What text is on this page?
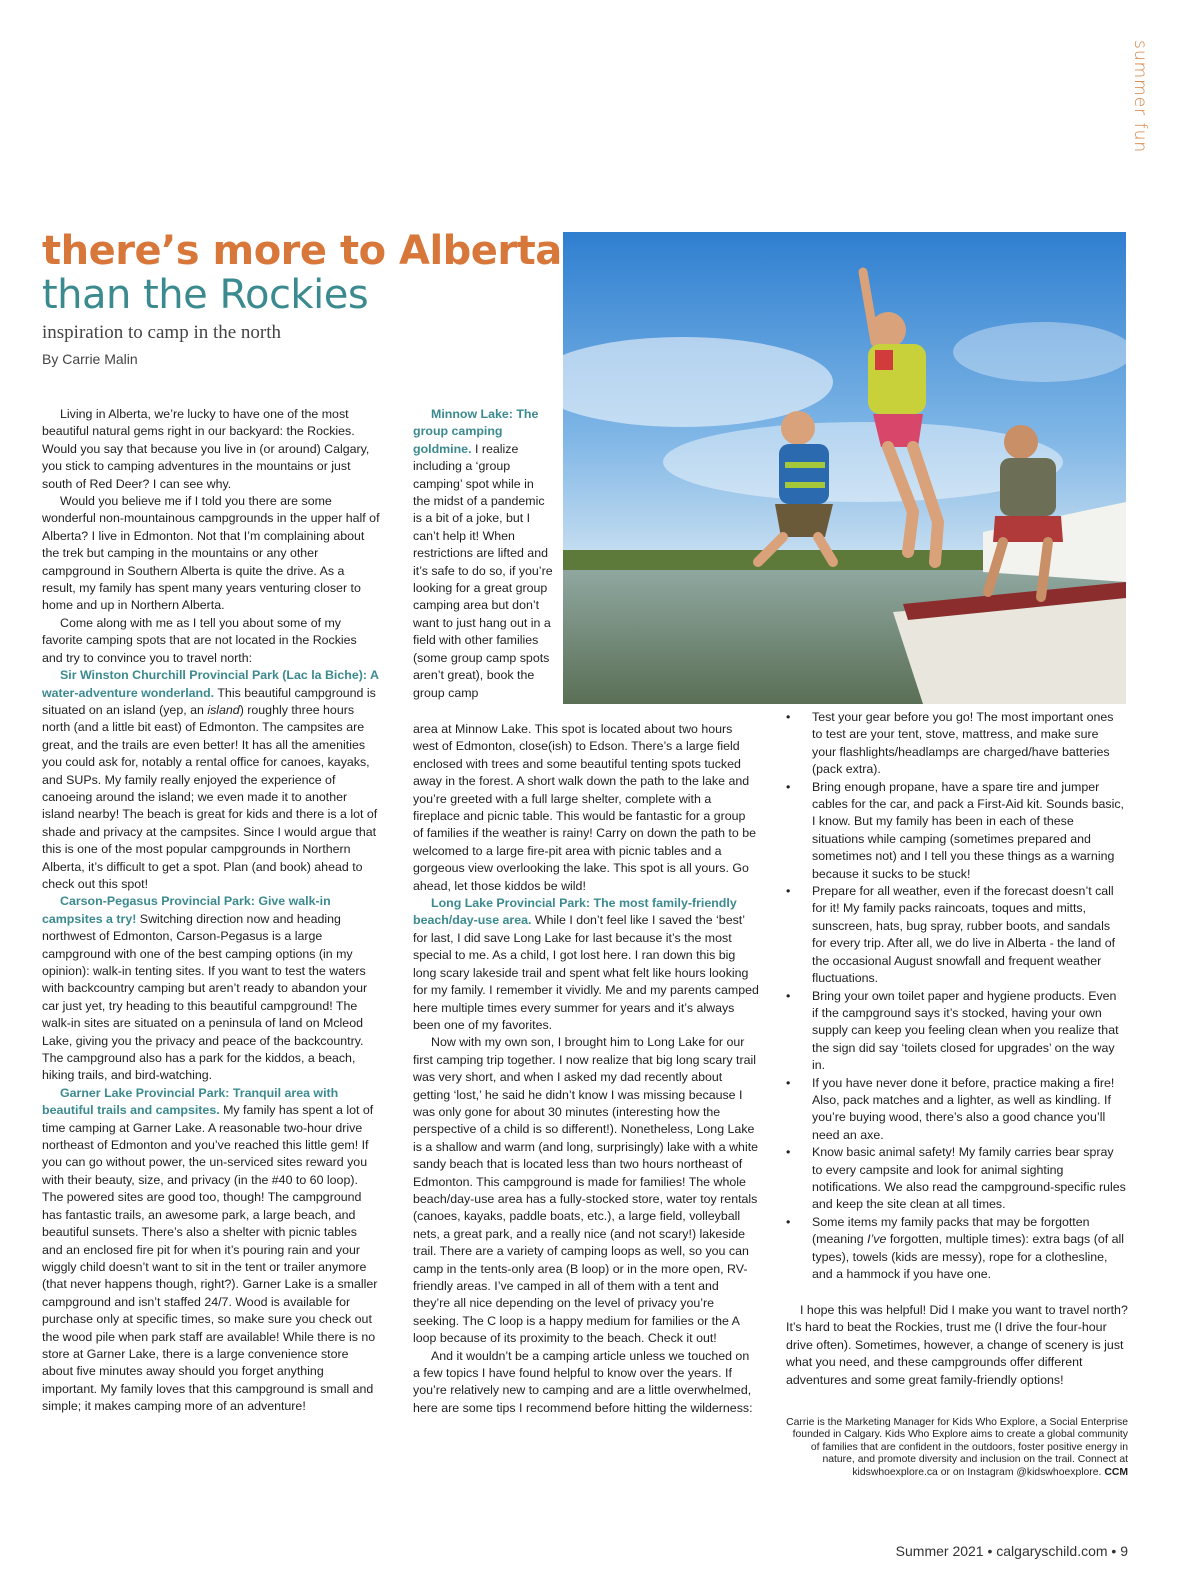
summer fun
there’s more to Alberta
than the Rockies
inspiration to camp in the north
By Carrie Malin

Living in Alberta, we’re lucky to have one of the most beautiful natural gems right in our backyard: the Rockies. Would you say that because you live in (or around) Calgary, you stick to camping adventures in the mountains or just south of Red Deer? I can see why.

Would you believe me if I told you there are some wonderful non-mountainous campgrounds in the upper half of Alberta? I live in Edmonton. Not that I’m complaining about the trek but camping in the mountains or any other campground in Southern Alberta is quite the drive. As a result, my family has spent many years venturing closer to home and up in Northern Alberta.

Come along with me as I tell you about some of my favorite camping spots that are not located in the Rockies and try to convince you to travel north:

Sir Winston Churchill Provincial Park (Lac la Biche): A water-adventure wonderland. This beautiful campground is situated on an island (yep, an island) roughly three hours north (and a little bit east) of Edmonton. The campsites are great, and the trails are even better! It has all the amenities you could ask for, notably a rental office for canoes, kayaks, and SUPs. My family really enjoyed the experience of canoeing around the island; we even made it to another island nearby! The beach is great for kids and there is a lot of shade and privacy at the campsites. Since I would argue that this is one of the most popular campgrounds in Northern Alberta, it’s difficult to get a spot. Plan (and book) ahead to check out this spot!

Carson-Pegasus Provincial Park: Give walk-in campsites a try! Switching direction now and heading northwest of Edmonton, Carson-Pegasus is a large campground with one of the best camping options (in my opinion): walk-in tenting sites. If you want to test the waters with backcountry camping but aren’t ready to abandon your car just yet, try heading to this beautiful campground! The walk-in sites are situated on a peninsula of land on Mcleod Lake, giving you the privacy and peace of the backcountry. The campground also has a park for the kiddos, a beach, hiking trails, and bird-watching.

Garner Lake Provincial Park: Tranquil area with beautiful trails and campsites. My family has spent a lot of time camping at Garner Lake. A reasonable two-hour drive northeast of Edmonton and you’ve reached this little gem! If you can go without power, the un-serviced sites reward you with their beauty, size, and privacy (in the #40 to 60 loop). The powered sites are good too, though! The campground has fantastic trails, an awesome park, a large beach, and beautiful sunsets. There’s also a shelter with picnic tables and an enclosed fire pit for when it’s pouring rain and your wiggly child doesn’t want to sit in the tent or trailer anymore (that never happens though, right?). Garner Lake is a smaller campground and isn’t staffed 24/7. Wood is available for purchase only at specific times, so make sure you check out the wood pile when park staff are available! While there is no store at Garner Lake, there is a large convenience store about five minutes away should you forget anything important. My family loves that this campground is small and simple; it makes camping more of an adventure!

Minnow Lake: The group camping goldmine. I realize including a ‘group camping’ spot while in the midst of a pandemic is a bit of a joke, but I can’t help it! When restrictions are lifted and it’s safe to do so, if you’re looking for a great group camping area but don’t want to just hang out in a field with other families (some group camp spots aren’t great), book the group camp

area at Minnow Lake. This spot is located about two hours west of Edmonton, close(ish) to Edson. There’s a large field enclosed with trees and some beautiful tenting spots tucked away in the forest. A short walk down the path to the lake and you’re greeted with a full large shelter, complete with a fireplace and picnic table. This would be fantastic for a group of families if the weather is rainy! Carry on down the path to be welcomed to a large fire-pit area with picnic tables and a gorgeous view overlooking the lake. This spot is all yours. Go ahead, let those kiddos be wild!

Long Lake Provincial Park: The most family-friendly beach/day-use area. While I don’t feel like I saved the ‘best’ for last, I did save Long Lake for last because it’s the most special to me. As a child, I got lost here. I ran down this big long scary lakeside trail and spent what felt like hours looking for my family. I remember it vividly. Me and my parents camped here multiple times every summer for years and it’s always been one of my favorites.

Now with my own son, I brought him to Long Lake for our first camping trip together. I now realize that big long scary trail was very short, and when I asked my dad recently about getting ‘lost,’ he said he didn’t know I was missing because I was only gone for about 30 minutes (interesting how the perspective of a child is so different!). Nonetheless, Long Lake is a shallow and warm (and long, surprisingly) lake with a white sandy beach that is located less than two hours northeast of Edmonton. This campground is made for families! The whole beach/day-use area has a fully-stocked store, water toy rentals (canoes, kayaks, paddle boats, etc.), a large field, volleyball nets, a great park, and a really nice (and not scary!) lakeside trail. There are a variety of camping loops as well, so you can camp in the tents-only area (B loop) or in the more open, RV-friendly areas. I’ve camped in all of them with a tent and they’re all nice depending on the level of privacy you’re seeking. The C loop is a happy medium for families or the A loop because of its proximity to the beach. Check it out!

And it wouldn’t be a camping article unless we touched on a few topics I have found helpful to know over the years. If you’re relatively new to camping and are a little overwhelmed, here are some tips I recommend before hitting the wilderness:

• Test your gear before you go! The most important ones to test are your tent, stove, mattress, and make sure your flashlights/headlamps are charged/have batteries (pack extra).
• Bring enough propane, have a spare tire and jumper cables for the car, and pack a First-Aid kit. Sounds basic, I know. But my family has been in each of these situations while camping (sometimes prepared and sometimes not) and I tell you these things as a warning because it sucks to be stuck!
• Prepare for all weather, even if the forecast doesn’t call for it! My family packs raincoats, toques and mitts, sunscreen, hats, bug spray, rubber boots, and sandals for every trip. After all, we do live in Alberta - the land of the occasional August snowfall and frequent weather fluctuations.
• Bring your own toilet paper and hygiene products. Even if the campground says it’s stocked, having your own supply can keep you feeling clean when you realize that the sign did say ‘toilets closed for upgrades’ on the way in.
• If you have never done it before, practice making a fire! Also, pack matches and a lighter, as well as kindling. If you’re buying wood, there’s also a good chance you’ll need an axe.
• Know basic animal safety! My family carries bear spray to every campsite and look for animal sighting notifications. We also read the campground-specific rules and keep the site clean at all times.
• Some items my family packs that may be forgotten (meaning I’ve forgotten, multiple times): extra bags (of all types), towels (kids are messy), rope for a clothesline, and a hammock if you have one.

I hope this was helpful! Did I make you want to travel north? It’s hard to beat the Rockies, trust me (I drive the four-hour drive often). Sometimes, however, a change of scenery is just what you need, and these campgrounds offer different adventures and some great family-friendly options!

Carrie is the Marketing Manager for Kids Who Explore, a Social Enterprise founded in Calgary. Kids Who Explore aims to create a global community of families that are confident in the outdoors, foster positive energy in nature, and promote diversity and inclusion on the trail. Connect at kidswhoexplore.ca or on Instagram @kidswhoexplore. CCM

Summer 2021 • calgaryschild.com • 9
